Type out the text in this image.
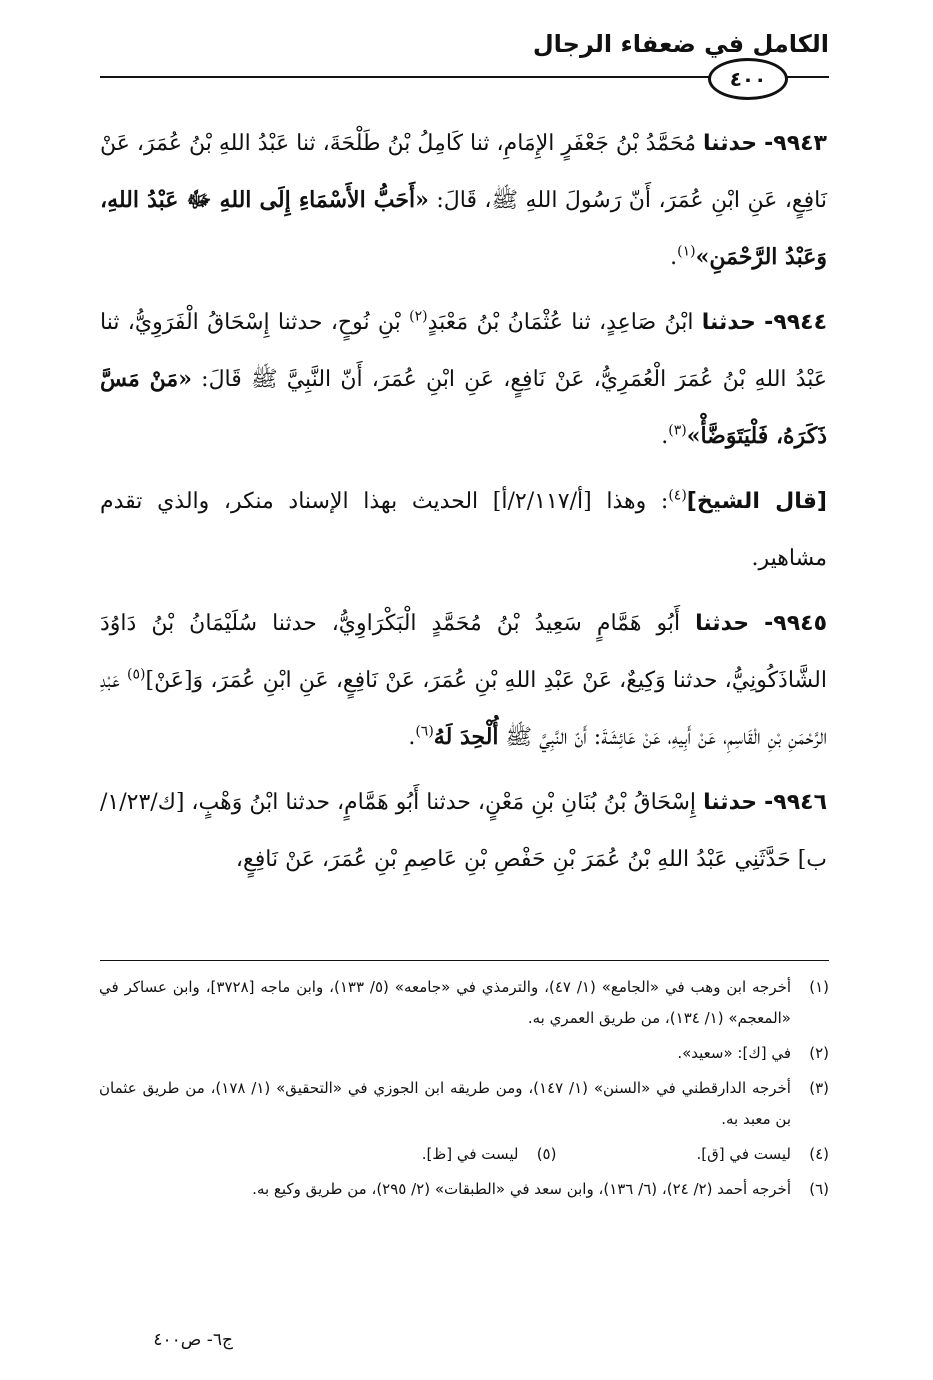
الكامل في ضعفاء الرجال
٤٠٠

٩٩٤٣- حدثنا مُحَمَّدُ بْنُ جَعْفَرٍ الإِمَامِ، ثنا كَامِلُ بْنُ طَلْحَةَ، ثنا عَبْدُ اللهِ بْنُ عُمَرَ، عَنْ نَافِعٍ، عَنِ ابْنِ عُمَرَ، أَنّ رَسُولَ اللهِ ﷺ، قَالَ: «أَحَبُّ الأَسْمَاءِ إِلَى اللهِ ﷻ عَبْدُ اللهِ، وَعَبْدُ الرَّحْمَنِ»$^{(١)}$.

٩٩٤٤- حدثنا ابْنُ صَاعِدٍ، ثنا عُثْمَانُ بْنُ مَعْبَدٍ$^{(٢)}$ بْنِ نُوحٍ، حدثنا إِسْحَاقُ الْفَرَوِيُّ، ثنا عَبْدُ اللهِ بْنُ عُمَرَ الْعُمَرِيُّ، عَنْ نَافِعٍ، عَنِ ابْنِ عُمَرَ، أَنّ النَّبِيَّ ﷺ قَالَ: «مَنْ مَسَّ ذَكَرَهُ، فَلْيَتَوَضَّأْ»$^{(٣)}$.

[قال الشيخ]$^{(٤)}$: وهذا [أ/٢/١١٧/أ] الحديث بهذا الإسناد منكر، والذي تقدم مشاهير.

٩٩٤٥- حدثنا أَبُو هَمَّامٍ سَعِيدُ بْنُ مُحَمَّدٍ الْبَكْرَاوِيُّ، حدثنا سُلَيْمَانُ بْنُ دَاوُدَ الشَّاذَكُونِيُّ، حدثنا وَكِيعٌ، عَنْ عَبْدِ اللهِ بْنِ عُمَرَ، عَنْ نَافِعٍ، عَنِ ابْنِ عُمَرَ، وَ[عَنْ]$^{(٥)}$ عَبْدِ الرَّحْمَنِ بْنِ الْقَاسِمِ، عَنْ أَبِيهِ، عَنْ عَائِشَةَ: أَنّ النَّبِيَّ ﷺ أُلْحِدَ لَهُ$^{(٦)}$.

٩٩٤٦- حدثنا إِسْحَاقُ بْنُ بُنَانِ بْنِ مَعْنٍ، حدثنا أَبُو هَمَّامٍ، حدثنا ابْنُ وَهْبٍ، [ك/١/٢٣/ب] حَدَّثَنِي عَبْدُ اللهِ بْنُ عُمَرَ بْنِ حَفْصِ بْنِ عَاصِمِ بْنِ عُمَرَ، عَنْ نَافِعٍ،

(١)
أخرجه ابن وهب في «الجامع» (١/ ٤٧)، والترمذي في «جامعه» (٥/ ١٣٣)، وابن ماجه [٣٧٢٨]، وابن عساكر في «المعجم» (١/ ١٣٤)، من طريق العمري به.
(٢)
في [ك]: «سعيد».
(٣)
أخرجه الدارقطني في «السنن» (١/ ١٤٧)، ومن طريقه ابن الجوزي في «التحقيق» (١/ ١٧٨)، من طريق عثمان بن معبد به.
(٤)
ليست في [ق].
(٥)
ليست في [ظ].
(٦)
أخرجه أحمد (٢/ ٢٤)، (٦/ ١٣٦)، وابن سعد في «الطبقات» (٢/ ٢٩٥)، من طريق وكيع به.
ج٦- ص٤٠٠
